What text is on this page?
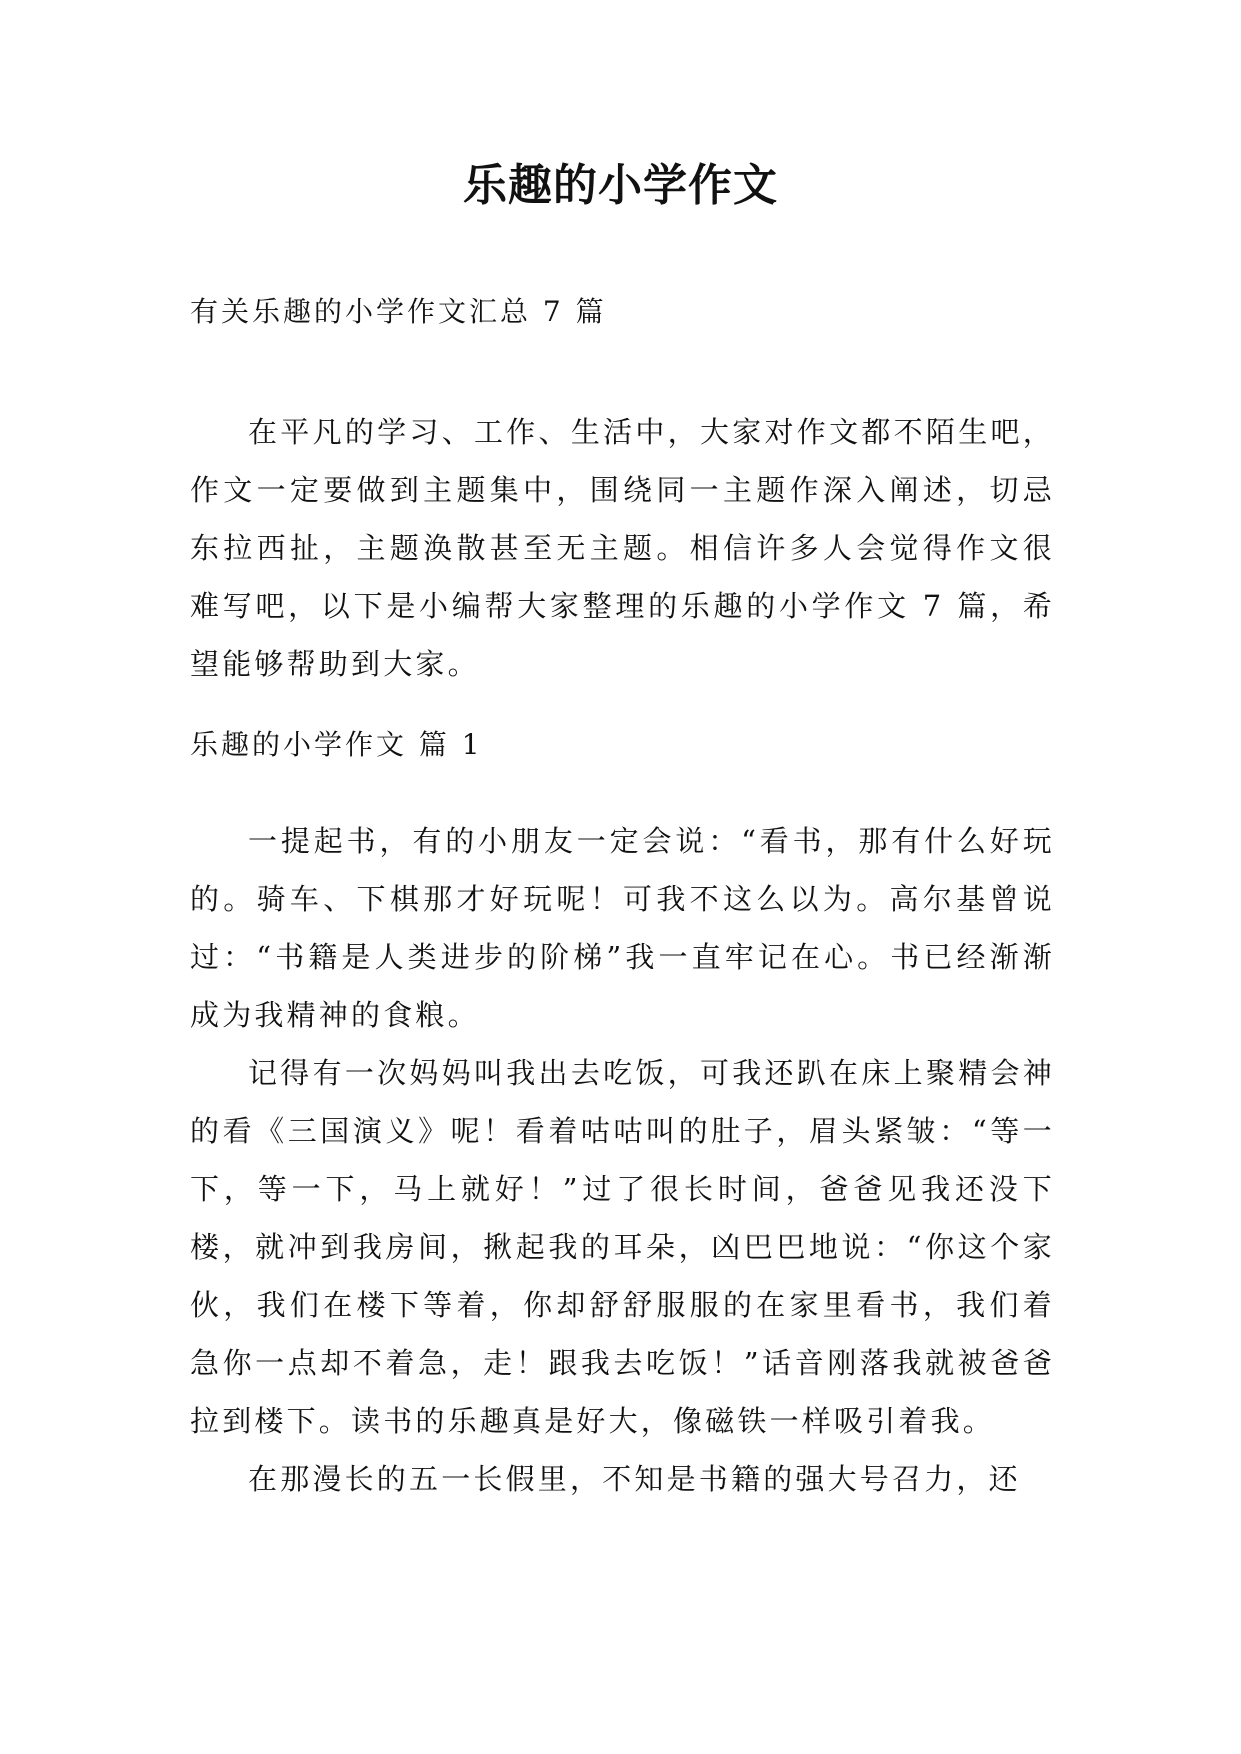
乐趣的小学作文
有关乐趣的小学作文汇总 7 篇

在平凡的学习、工作、生活中，大家对作文都不陌生吧，作文一定要做到主题集中，围绕同一主题作深入阐述，切忌东拉西扯，主题涣散甚至无主题。相信许多人会觉得作文很难写吧，以下是小编帮大家整理的乐趣的小学作文 7 篇，希望能够帮助到大家。

乐趣的小学作文 篇 1

一提起书，有的小朋友一定会说：“看书，那有什么好玩的。骑车、下棋那才好玩呢！可我不这么以为。高尔基曾说过：“书籍是人类进步的阶梯”我一直牢记在心。书已经渐渐成为我精神的食粮。

记得有一次妈妈叫我出去吃饭，可我还趴在床上聚精会神的看《三国演义》呢！看着咕咕叫的肚子，眉头紧皱：“等一下，等一下，马上就好！”过了很长时间，爸爸见我还没下楼，就冲到我房间，揪起我的耳朵，凶巴巴地说：“你这个家伙，我们在楼下等着，你却舒舒服服的在家里看书，我们着急你一点却不着急，走！跟我去吃饭！”话音刚落我就被爸爸拉到楼下。读书的乐趣真是好大，像磁铁一样吸引着我。

在那漫长的五一长假里，不知是书籍的强大号召力，还
